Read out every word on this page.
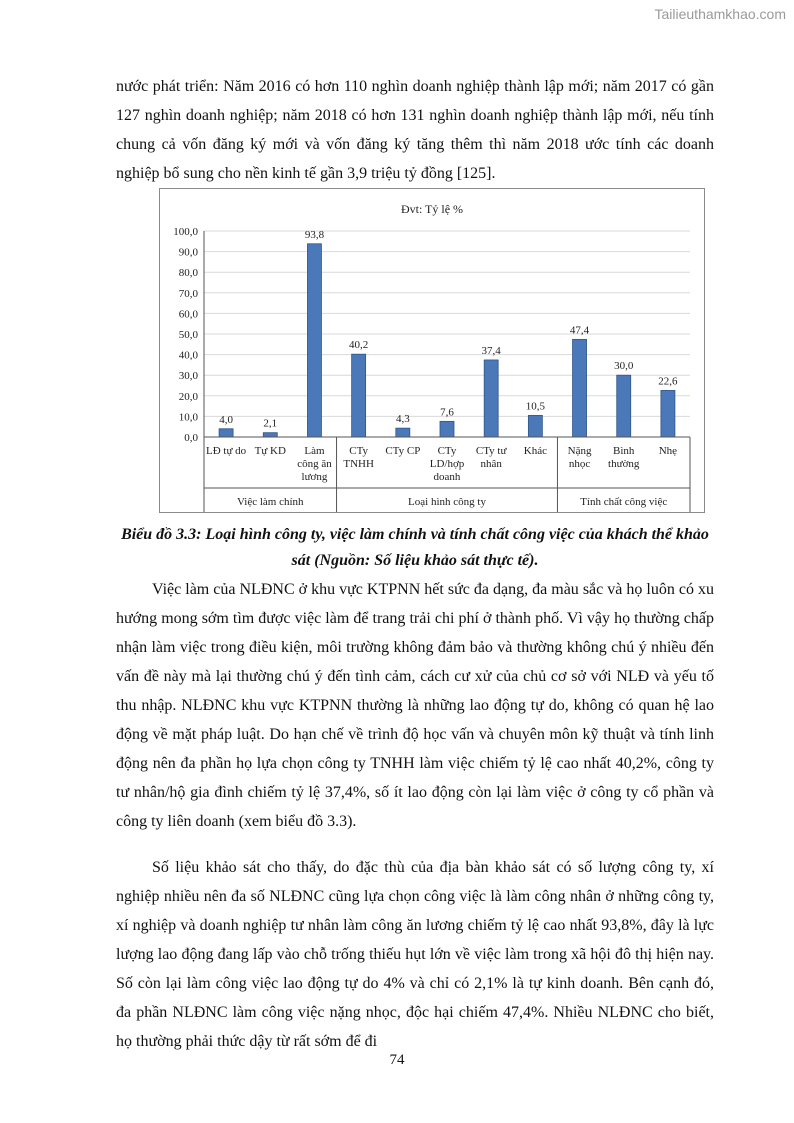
Tailieuthamkhao.com

nước phát triển: Năm 2016 có hơn 110 nghìn doanh nghiệp thành lập mới; năm 2017 có gần 127 nghìn doanh nghiệp; năm 2018 có hơn 131 nghìn doanh nghiệp thành lập mới, nếu tính chung cả vốn đăng ký mới và vốn đăng ký tăng thêm thì năm 2018 ước tính các doanh nghiệp bổ sung cho nền kinh tế gần 3,9 triệu tỷ đồng [125].

Đvt: Tỷ lệ %
0,0
10,0
20,0
30,0
40,0
50,0
60,0
70,0
80,0
90,0
100,0
4,0
LĐ tự do
2,1
Tự KD
93,8
Làm công ăn lương
40,2
CTy TNHH
4,3
CTy CP
7,6
CTy LD/hợp doanh
37,4
CTy tư nhân
10,5
Khác
47,4
Nặng nhọc
30,0
Bình thường
22,6
Nhẹ
Việc làm chính	Loại hình công ty	Tính chất công việc

Biểu đồ 3.3: Loại hình công ty, việc làm chính và tính chất công việc của khách thể khảo sát (Nguồn: Số liệu khảo sát thực tế).

Việc làm của NLĐNC ở khu vực KTPNN hết sức đa dạng, đa màu sắc và họ luôn có xu hướng mong sớm tìm được việc làm để trang trải chi phí ở thành phố. Vì vậy họ thường chấp nhận làm việc trong điều kiện, môi trường không đảm bảo và thường không chú ý nhiều đến vấn đề này mà lại thường chú ý đến tình cảm, cách cư xử của chủ cơ sở với NLĐ và yếu tố thu nhập. NLĐNC khu vực KTPNN thường là những lao động tự do, không có quan hệ lao động về mặt pháp luật. Do hạn chế về trình độ học vấn và chuyên môn kỹ thuật và tính linh động nên đa phần họ lựa chọn công ty TNHH làm việc chiếm tỷ lệ cao nhất 40,2%, công ty tư nhân/hộ gia đình chiếm tỷ lệ 37,4%, số ít lao động còn lại làm việc ở công ty cổ phần và công ty liên doanh (xem biểu đồ 3.3).

Số liệu khảo sát cho thấy, do đặc thù của địa bàn khảo sát có số lượng công ty, xí nghiệp nhiều nên đa số NLĐNC cũng lựa chọn công việc là làm công nhân ở những công ty, xí nghiệp và doanh nghiệp tư nhân làm công ăn lương chiếm tỷ lệ cao nhất 93,8%, đây là lực lượng lao động đang lấp vào chỗ trống thiếu hụt lớn về việc làm trong xã hội đô thị hiện nay. Số còn lại làm công việc lao động tự do 4% và chỉ có 2,1% là tự kinh doanh. Bên cạnh đó, đa phần NLĐNC làm công việc nặng nhọc, độc hại chiếm 47,4%. Nhiều NLĐNC cho biết, họ thường phải thức dậy từ rất sớm để đi

74
